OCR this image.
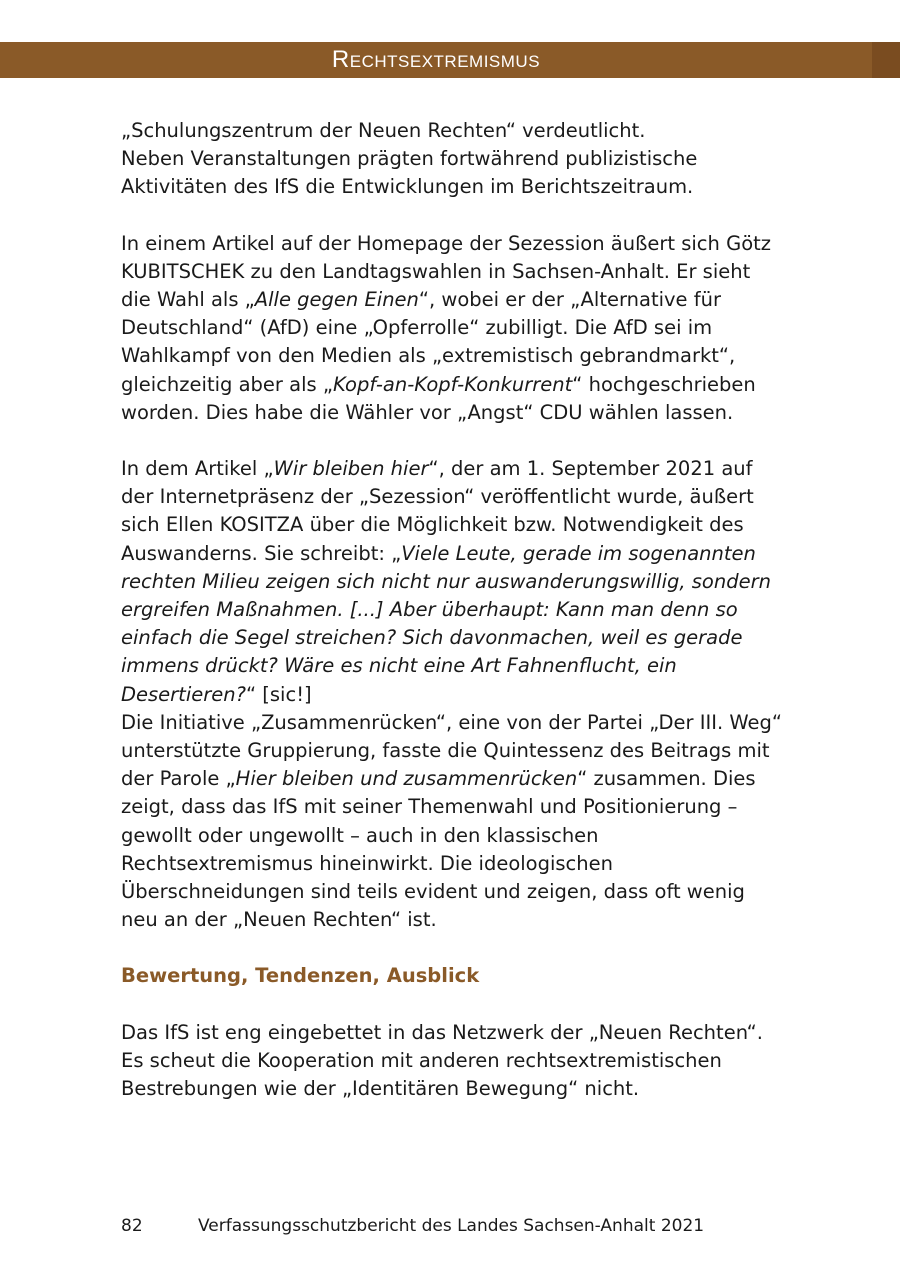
Rechtsextremismus

„Schulungszentrum der Neuen Rechten“ verdeutlicht.
Neben Veranstaltungen prägten fortwährend publizistische Aktivitäten des IfS die Entwicklungen im Berichtszeitraum.

In einem Artikel auf der Homepage der Sezession äußert sich Götz KUBITSCHEK zu den Landtagswahlen in Sachsen-Anhalt. Er sieht die Wahl als „Alle gegen Einen“, wobei er der „Alternative für Deutschland“ (AfD) eine „Opferrolle“ zubilligt. Die AfD sei im Wahlkampf von den Medien als „extremistisch gebrandmarkt“, gleichzeitig aber als „Kopf-an-Kopf-Konkurrent“ hochgeschrieben worden. Dies habe die Wähler vor „Angst“ CDU wählen lassen.

In dem Artikel „Wir bleiben hier“, der am 1. September 2021 auf der Internetpräsenz der „Sezession“ veröffentlicht wurde, äußert sich Ellen KOSITZA über die Möglichkeit bzw. Notwendigkeit des Auswanderns. Sie schreibt: „Viele Leute, gerade im sogenannten rechten Milieu zeigen sich nicht nur auswanderungswillig, sondern ergreifen Maßnahmen. [...] Aber überhaupt: Kann man denn so einfach die Segel streichen? Sich davonmachen, weil es gerade immens drückt? Wäre es nicht eine Art Fahnenflucht, ein Desertieren?“ [sic!]

Die Initiative „Zusammenrücken“, eine von der Partei „Der III. Weg“ unterstützte Gruppierung, fasste die Quintessenz des Beitrags mit der Parole „Hier bleiben und zusammenrücken“ zusammen. Dies zeigt, dass das IfS mit seiner Themenwahl und Positionierung – gewollt oder ungewollt – auch in den klassischen Rechtsextremismus hineinwirkt. Die ideologischen Überschneidungen sind teils evident und zeigen, dass oft wenig neu an der „Neuen Rechten“ ist.

Bewertung, Tendenzen, Ausblick

Das IfS ist eng eingebettet in das Netzwerk der „Neuen Rechten“. Es scheut die Kooperation mit anderen rechtsextremistischen Bestrebungen wie der „Identitären Bewegung“ nicht.

82	Verfassungsschutzbericht des Landes Sachsen-Anhalt 2021
